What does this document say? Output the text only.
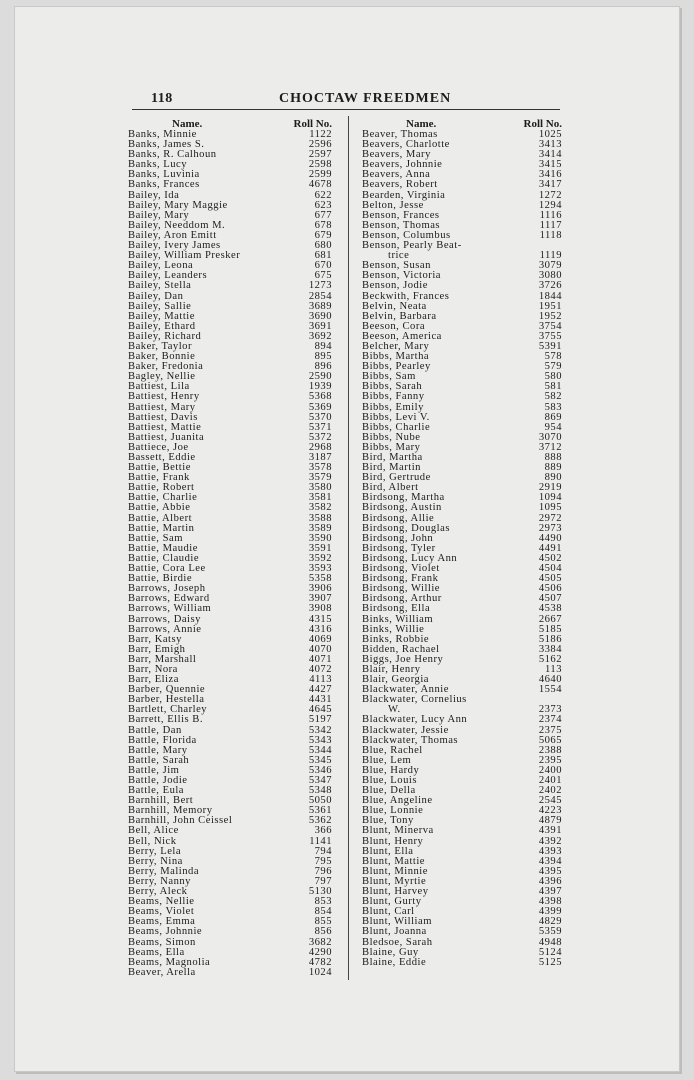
118	CHOCTAW FREEDMEN
Name.	Roll No.
Banks, Minnie	1122
Banks, James S.	2596
Banks, R. Calhoun	2597
Banks, Lucy	2598
Banks, Luvinia	2599
Banks, Frances	4678
Bailey, Ida	622
Bailey, Mary Maggie	623
Bailey, Mary	677
Bailey, Needdom M.	678
Bailey, Aron Emitt	679
Bailey, Ivery James	680
Bailey, William Presker	681
Bailey, Leona	670
Bailey, Leanders	675
Bailey, Stella	1273
Bailey, Dan	2854
Bailey, Sallie	3689
Bailey, Mattie	3690
Bailey, Ethard	3691
Bailey, Richard	3692
Baker, Taylor	894
Baker, Bonnie	895
Baker, Fredonia	896
Bagley, Nellie	2590
Battiest, Lila	1939
Battiest, Henry	5368
Battiest, Mary	5369
Battiest, Davis	5370
Battiest, Mattie	5371
Battiest, Juanita	5372
Battiece, Joe	2968
Bassett, Eddie	3187
Battie, Bettie	3578
Battie, Frank	3579
Battie, Robert	3580
Battie, Charlie	3581
Battie, Abbie	3582
Battie, Albert	3588
Battie, Martin	3589
Battie, Sam	3590
Battie, Maudie	3591
Battie, Claudie	3592
Battie, Cora Lee	3593
Battie, Birdie	5358
Barrows, Joseph	3906
Barrows, Edward	3907
Barrows, William	3908
Barrows, Daisy	4315
Barrows, Annie	4316
Barr, Katsy	4069
Barr, Emigh	4070
Barr, Marshall	4071
Barr, Nora	4072
Barr, Eliza	4113
Barber, Quennie	4427
Barber, Hestella	4431
Bartlett, Charley	4645
Barrett, Ellis B.	5197
Battle, Dan	5342
Battle, Florida	5343
Battle, Mary	5344
Battle, Sarah	5345
Battle, Jim	5346
Battle, Jodie	5347
Battle, Eula	5348
Barnhill, Bert	5050
Barnhill, Memory	5361
Barnhill, John Ceissel	5362
Bell, Alice	366
Bell, Nick	1141
Berry, Lela	794
Berry, Nina	795
Berry, Malinda	796
Berry, Nanny	797
Berry, Aleck	5130
Beams, Nellie	853
Beams, Violet	854
Beams, Emma	855
Beams, Johnnie	856
Beams, Simon	3682
Beams, Ella	4290
Beams, Magnolia	4782
Beaver, Arella	1024
Name.	Roll No.
Beaver, Thomas	1025
Beavers, Charlotte	3413
Beavers, Mary	3414
Beavers, Johnnie	3415
Beavers, Anna	3416
Beavers, Robert	3417
Bearden, Virginia	1272
Belton, Jesse	1294
Benson, Frances	1116
Benson, Thomas	1117
Benson, Columbus	1118
Benson, Pearly Beat-
trice	1119
Benson, Susan	3079
Benson, Victoria	3080
Benson, Jodie	3726
Beckwith, Frances	1844
Belvin, Neata	1951
Belvin, Barbara	1952
Beeson, Cora	3754
Beeson, America	3755
Belcher, Mary	5391
Bibbs, Martha	578
Bibbs, Pearley	579
Bibbs, Sam	580
Bibbs, Sarah	581
Bibbs, Fanny	582
Bibbs, Emily	583
Bibbs, Levi V.	869
Bibbs, Charlie	954
Bibbs, Nube	3070
Bibbs, Mary	3712
Bird, Martha	888
Bird, Martin	889
Bird, Gertrude	890
Bird, Albert	2919
Birdsong, Martha	1094
Birdsong, Austin	1095
Birdsong, Allie	2972
Birdsong, Douglas	2973
Birdsong, John	4490
Birdsong, Tyler	4491
Birdsong, Lucy Ann	4502
Birdsong, Violet	4504
Birdsong, Frank	4505
Birdsong, Willie	4506
Birdsong, Arthur	4507
Birdsong, Ella	4538
Binks, William	2667
Binks, Willie	5185
Binks, Robbie	5186
Bidden, Rachael	3384
Biggs, Joe Henry	5162
Blair, Henry	113
Blair, Georgia	4640
Blackwater, Annie	1554
Blackwater, Cornelius
W.	2373
Blackwater, Lucy Ann	2374
Blackwater, Jessie	2375
Blackwater, Thomas	5065
Blue, Rachel	2388
Blue, Lem	2395
Blue, Hardy	2400
Blue, Louis	2401
Blue, Della	2402
Blue, Angeline	2545
Blue, Lonnie	4223
Blue, Tony	4879
Blunt, Minerva	4391
Blunt, Henry	4392
Blunt, Ella	4393
Blunt, Mattie	4394
Blunt, Minnie	4395
Blunt, Myrtie	4396
Blunt, Harvey	4397
Blunt, Gurty	4398
Blunt, Carl	4399
Blunt, William	4829
Blunt, Joanna	5359
Bledsoe, Sarah	4948
Blaine, Guy	5124
Blaine, Eddie	5125
